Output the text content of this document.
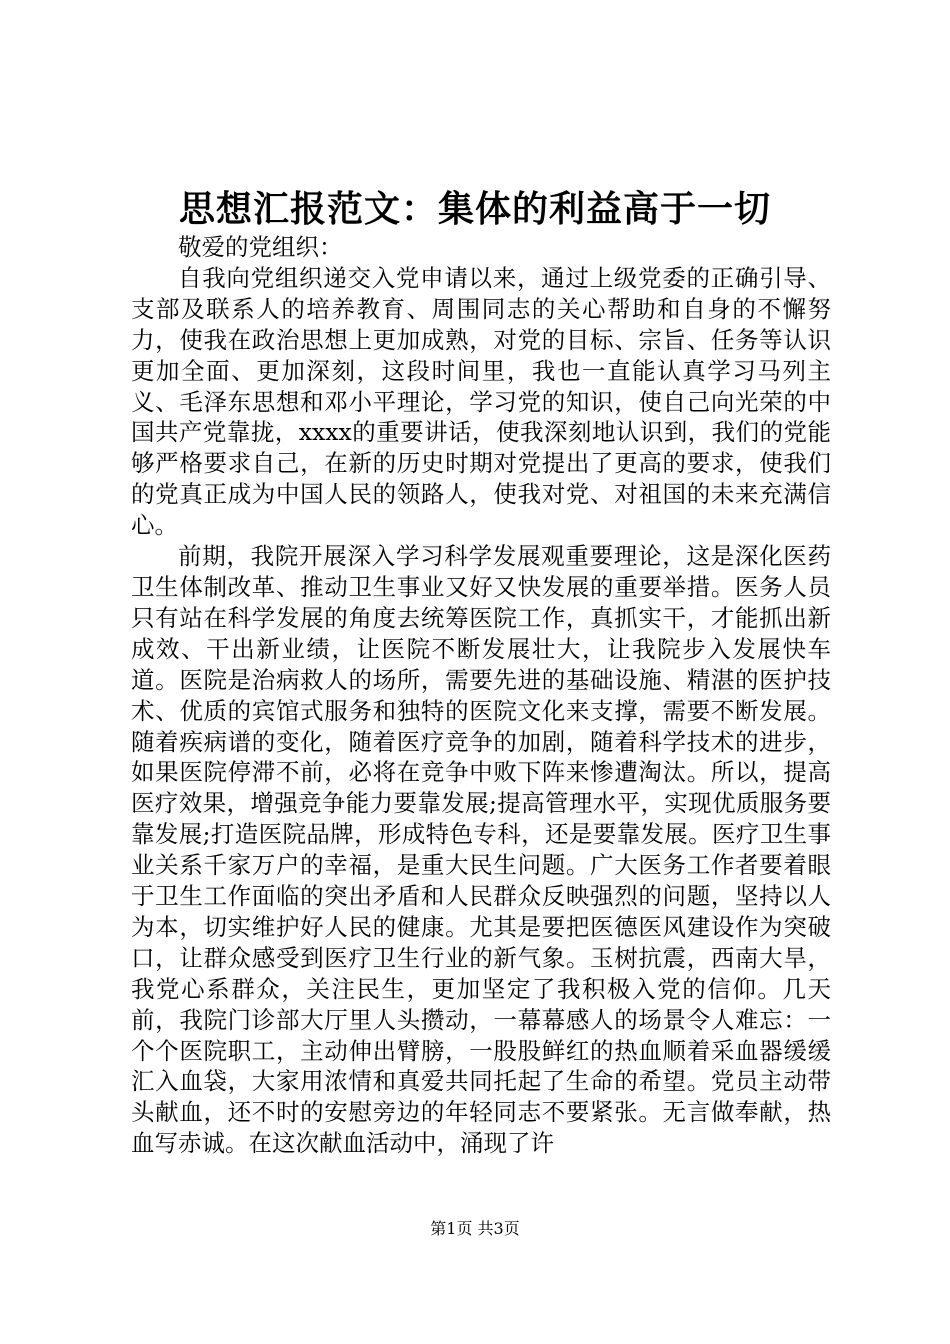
思想汇报范文：集体的利益高于一切

敬爱的党组织：

自我向党组织递交入党申请以来，通过上级党委的正确引导、支部及联系人的培养教育、周围同志的关心帮助和自身的不懈努力，使我在政治思想上更加成熟，对党的目标、宗旨、任务等认识更加全面、更加深刻，这段时间里，我也一直能认真学习马列主义、毛泽东思想和邓小平理论，学习党的知识，使自己向光荣的中国共产党靠拢，xxxx的重要讲话，使我深刻地认识到，我们的党能够严格要求自己，在新的历史时期对党提出了更高的要求，使我们的党真正成为中国人民的领路人，使我对党、对祖国的未来充满信心。

前期，我院开展深入学习科学发展观重要理论，这是深化医药卫生体制改革、推动卫生事业又好又快发展的重要举措。医务人员只有站在科学发展的角度去统筹医院工作，真抓实干，才能抓出新成效、干出新业绩，让医院不断发展壮大，让我院步入发展快车道。医院是治病救人的场所，需要先进的基础设施、精湛的医护技术、优质的宾馆式服务和独特的医院文化来支撑，需要不断发展。随着疾病谱的变化，随着医疗竞争的加剧，随着科学技术的进步，如果医院停滞不前，必将在竞争中败下阵来惨遭淘汰。所以，提高医疗效果，增强竞争能力要靠发展;提高管理水平，实现优质服务要靠发展;打造医院品牌，形成特色专科，还是要靠发展。医疗卫生事业关系千家万户的幸福，是重大民生问题。广大医务工作者要着眼于卫生工作面临的突出矛盾和人民群众反映强烈的问题，坚持以人为本，切实维护好人民的健康。尤其是要把医德医风建设作为突破口，让群众感受到医疗卫生行业的新气象。玉树抗震，西南大旱，我党心系群众，关注民生，更加坚定了我积极入党的信仰。几天前，我院门诊部大厅里人头攒动，一幕幕感人的场景令人难忘：一个个医院职工，主动伸出臂膀，一股股鲜红的热血顺着采血器缓缓汇入血袋，大家用浓情和真爱共同托起了生命的希望。党员主动带头献血，还不时的安慰旁边的年轻同志不要紧张。无言做奉献，热血写赤诚。在这次献血活动中，涌现了许

第1页 共3页
